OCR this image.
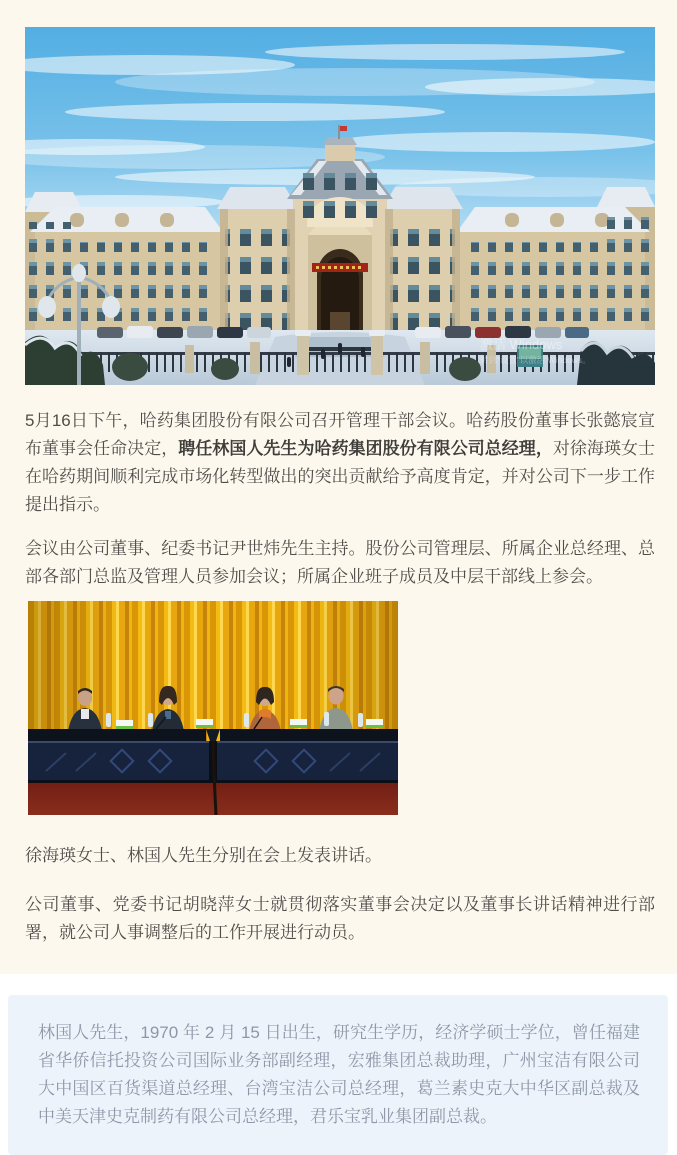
激活 Windows
转到“设置”以激活 Windows。

5月16日下午，哈药集团股份有限公司召开管理干部会议。哈药股份董事长张懿宸宣布董事会任命决定，聘任林国人先生为哈药集团股份有限公司总经理，对徐海瑛女士在哈药期间顺利完成市场化转型做出的突出贡献给予高度肯定，并对公司下一步工作提出指示。

会议由公司董事、纪委书记尹世炜先生主持。股份公司管理层、所属企业总经理、总部各部门总监及管理人员参加会议；所属企业班子成员及中层干部线上参会。

徐海瑛女士、林国人先生分别在会上发表讲话。

公司董事、党委书记胡晓萍女士就贯彻落实董事会决定以及董事长讲话精神进行部署，就公司人事调整后的工作开展进行动员。

林国人先生，1970 年 2 月 15 日出生，研究生学历，经济学硕士学位，曾任福建省华侨信托投资公司国际业务部副经理，宏雅集团总裁助理，广州宝洁有限公司大中国区百货渠道总经理、台湾宝洁公司总经理，葛兰素史克大中华区副总裁及中美天津史克制药有限公司总经理，君乐宝乳业集团副总裁。
